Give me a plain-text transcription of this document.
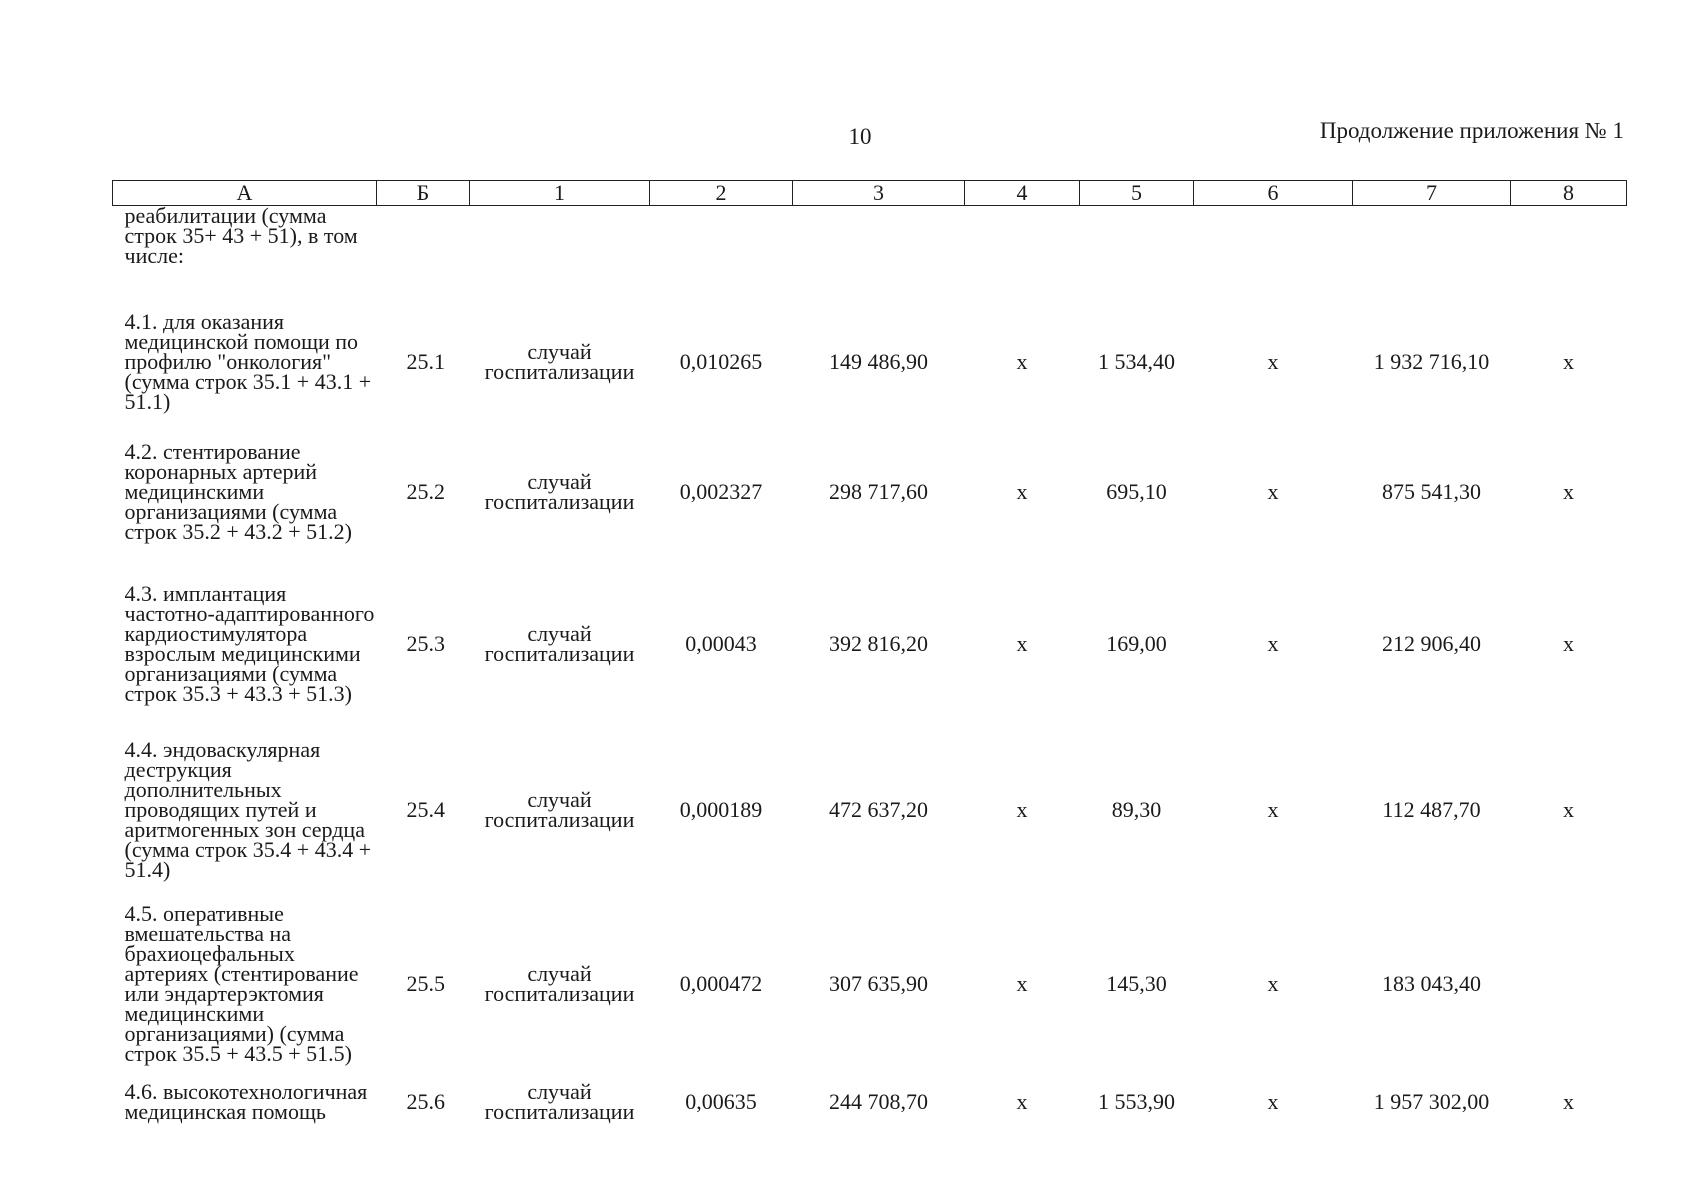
10	Продолжение приложения № 1
А	Б	1	2	3	4	5	6	7	8
реабилитации (сумма строк 35+ 43 + 51), в том числе:									
4.1. для оказания медицинской помощи по профилю "онкология" (сумма строк 35.1 + 43.1 + 51.1)	25.1	случай госпитализации	0,010265	149 486,90	х	1 534,40	х	1 932 716,10	х
4.2. стентирование коронарных артерий медицинскими организациями (сумма строк 35.2 + 43.2 + 51.2)	25.2	случай госпитализации	0,002327	298 717,60	х	695,10	х	875 541,30	х
4.3. имплантация частотно-адаптированного кардиостимулятора взрослым медицинскими организациями (сумма строк 35.3 + 43.3 + 51.3)	25.3	случай госпитализации	0,00043	392 816,20	х	169,00	х	212 906,40	х
4.4. эндоваскулярная деструкция дополнительных проводящих путей и аритмогенных зон сердца (сумма строк 35.4 + 43.4 + 51.4)	25.4	случай госпитализации	0,000189	472 637,20	х	89,30	х	112 487,70	х
4.5. оперативные вмешательства на брахиоцефальных артериях (стентирование или эндартерэктомия медицинскими организациями) (сумма строк 35.5 + 43.5 + 51.5)	25.5	случай госпитализации	0,000472	307 635,90	х	145,30	х	183 043,40	
4.6. высокотехнологичная медицинская помощь	25.6	случай госпитализации	0,00635	244 708,70	х	1 553,90	х	1 957 302,00	х
